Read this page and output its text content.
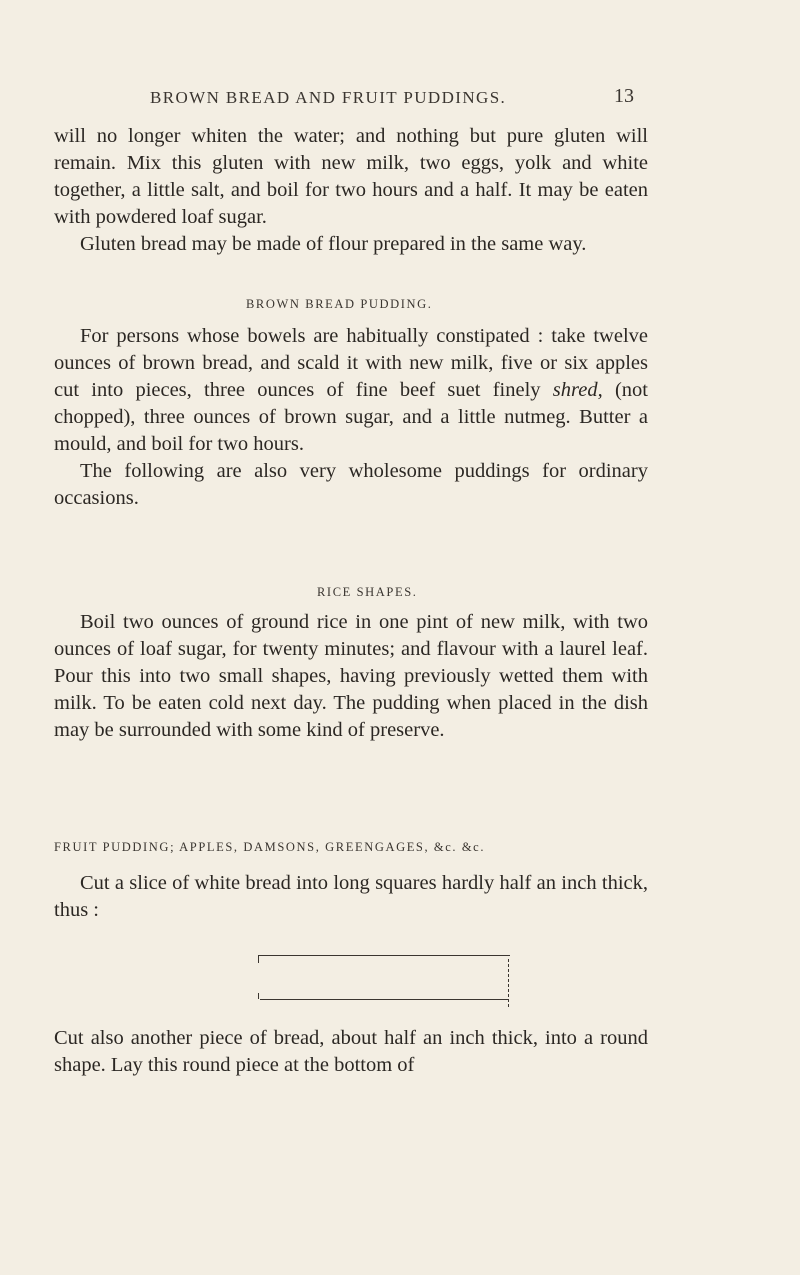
BROWN BREAD AND FRUIT PUDDINGS.	13

will no longer whiten the water; and nothing but pure gluten will remain. Mix this gluten with new milk, two eggs, yolk and white together, a little salt, and boil for two hours and a half. It may be eaten with powdered loaf sugar.

Gluten bread may be made of flour prepared in the same way.

BROWN BREAD PUDDING.

For persons whose bowels are habitually constipated : take twelve ounces of brown bread, and scald it with new milk, five or six apples cut into pieces, three ounces of fine beef suet finely shred, (not chopped), three ounces of brown sugar, and a little nutmeg. Butter a mould, and boil for two hours.

The following are also very wholesome puddings for ordinary occasions.

RICE SHAPES.

Boil two ounces of ground rice in one pint of new milk, with two ounces of loaf sugar, for twenty minutes; and flavour with a laurel leaf. Pour this into two small shapes, having previously wetted them with milk. To be eaten cold next day. The pudding when placed in the dish may be surrounded with some kind of preserve.

FRUIT PUDDING; APPLES, DAMSONS, GREENGAGES, &c. &c.

Cut a slice of white bread into long squares hardly half an inch thick, thus :

Cut also another piece of bread, about half an inch thick, into a round shape. Lay this round piece at the bottom of
